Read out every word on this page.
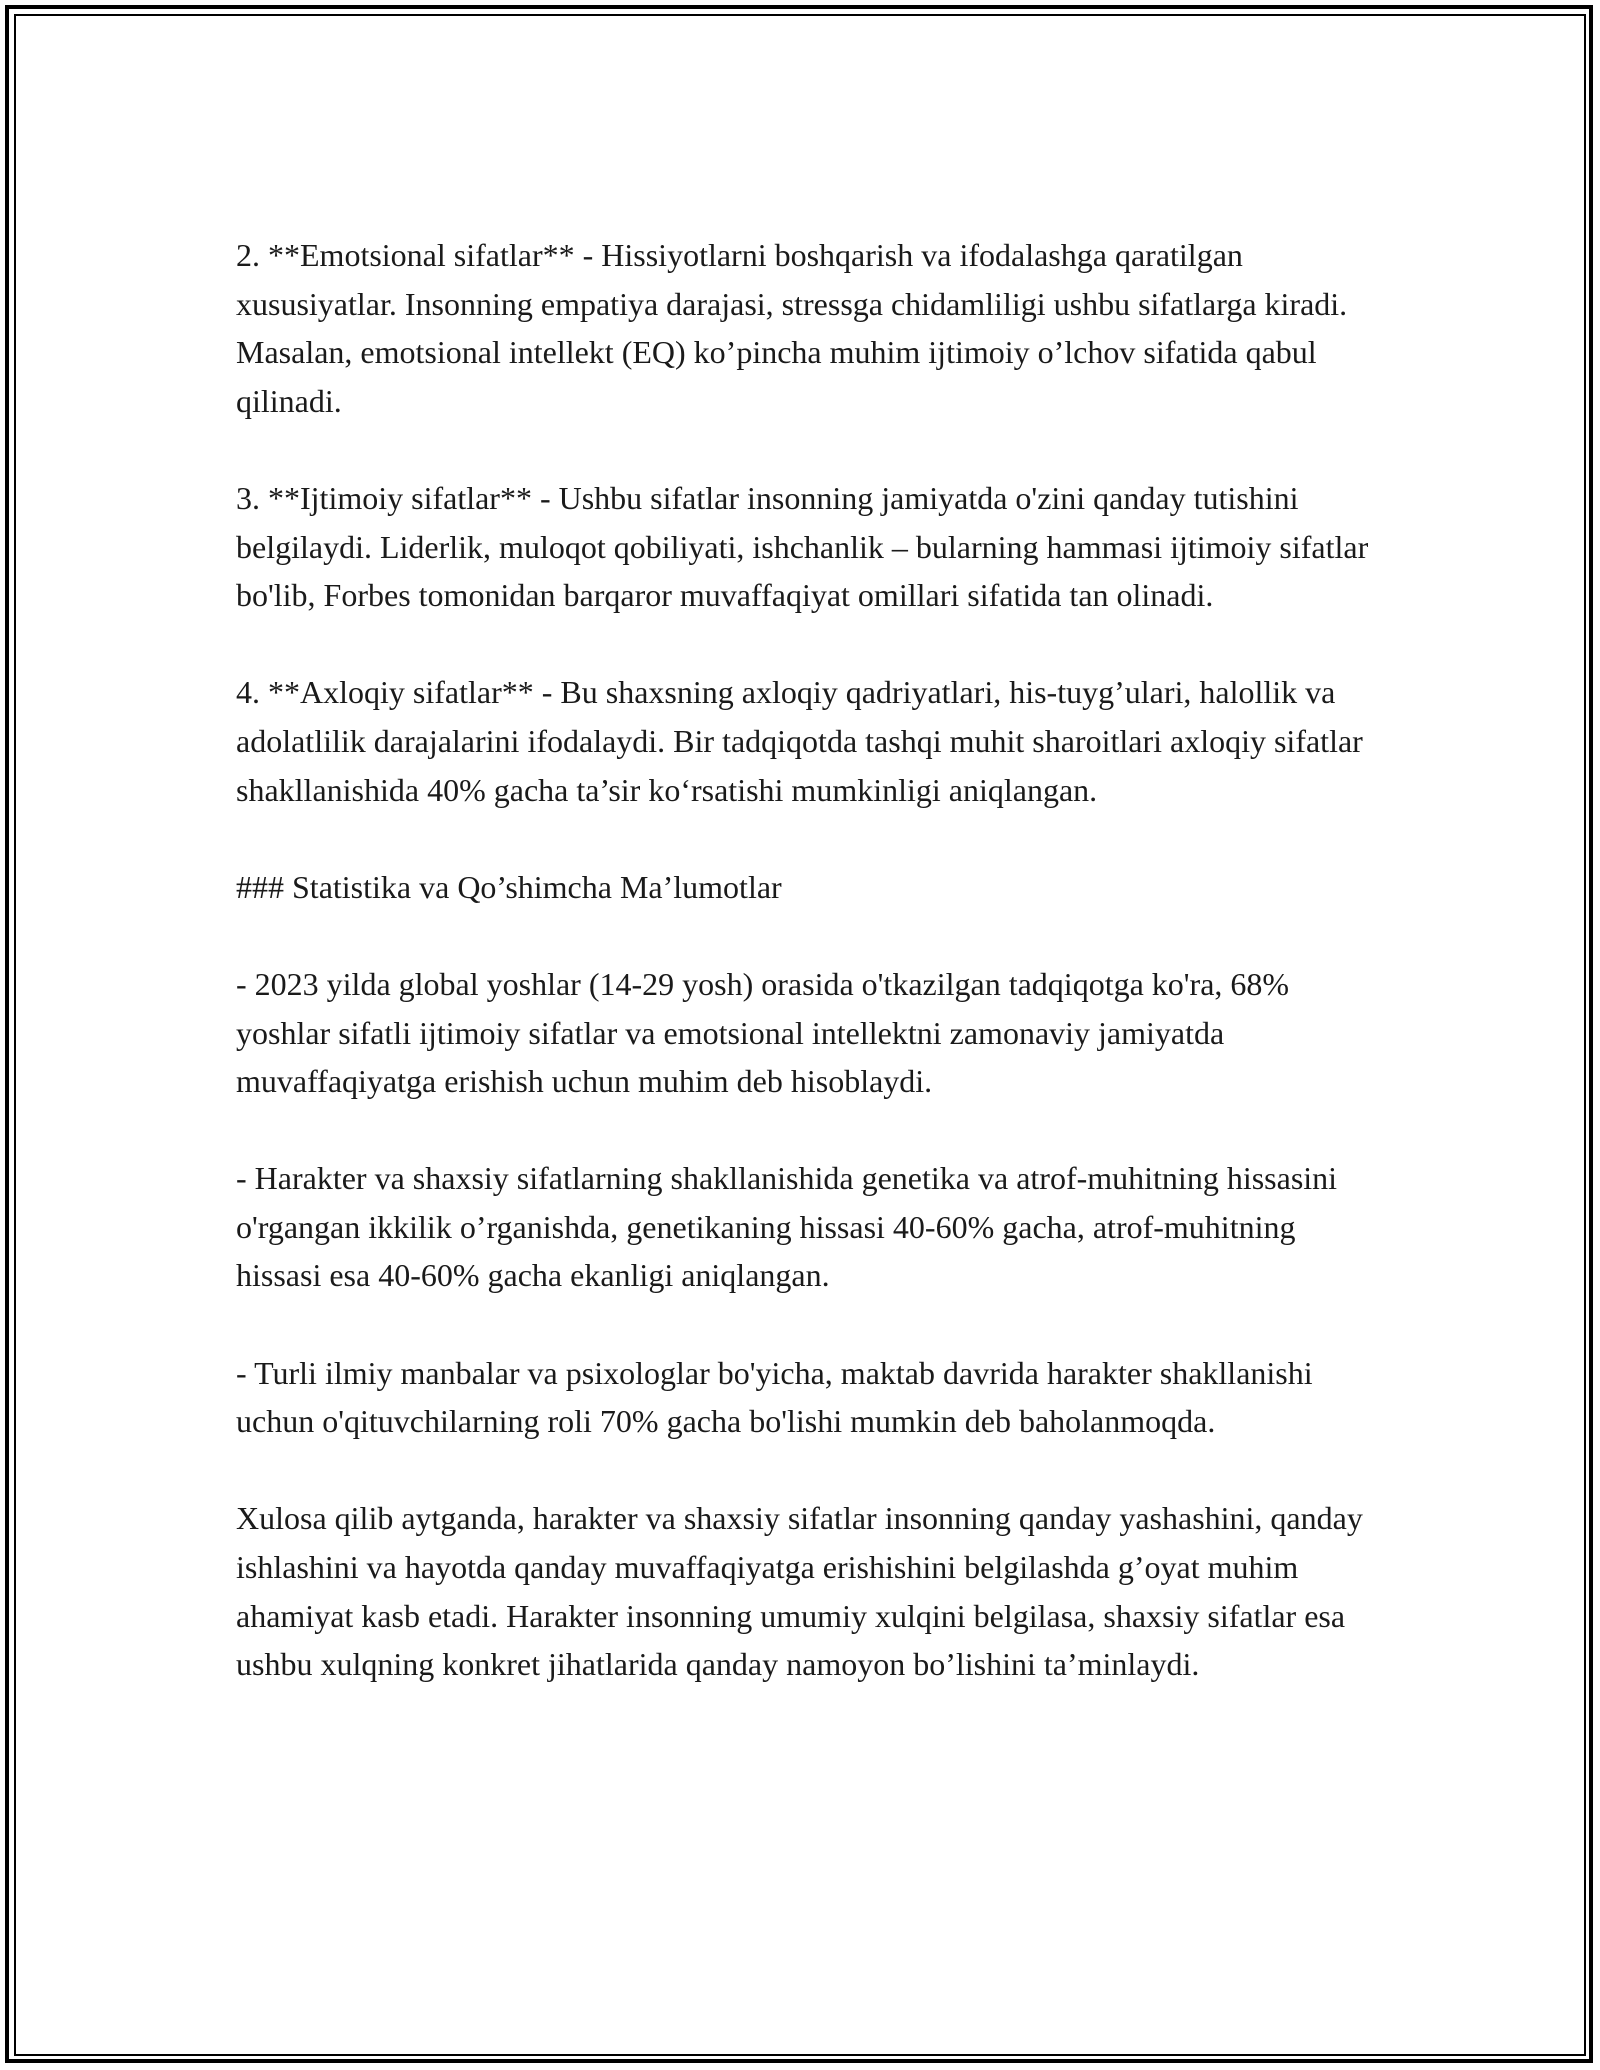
2. **Emotsional sifatlar** - Hissiyotlarni boshqarish va ifodalashga qaratilgan xususiyatlar. Insonning empatiya darajasi, stressga chidamliligi ushbu sifatlarga kiradi. Masalan, emotsional intellekt (EQ) ko’pincha muhim ijtimoiy o’lchov sifatida qabul qilinadi.

3. **Ijtimoiy sifatlar** - Ushbu sifatlar insonning jamiyatda o'zini qanday tutishini belgilaydi. Liderlik, muloqot qobiliyati, ishchanlik – bularning hammasi ijtimoiy sifatlar bo'lib, Forbes tomonidan barqaror muvaffaqiyat omillari sifatida tan olinadi.

4. **Axloqiy sifatlar** - Bu shaxsning axloqiy qadriyatlari, his-tuyg’ulari, halollik va adolatlilik darajalarini ifodalaydi. Bir tadqiqotda tashqi muhit sharoitlari axloqiy sifatlar shakllanishida 40% gacha ta’sir ko‘rsatishi mumkinligi aniqlangan.

### Statistika va Qo’shimcha Ma’lumotlar

- 2023 yilda global yoshlar (14-29 yosh) orasida o'tkazilgan tadqiqotga ko'ra, 68% yoshlar sifatli ijtimoiy sifatlar va emotsional intellektni zamonaviy jamiyatda muvaffaqiyatga erishish uchun muhim deb hisoblaydi.

- Harakter va shaxsiy sifatlarning shakllanishida genetika va atrof-muhitning hissasini o'rgangan ikkilik o’rganishda, genetikaning hissasi 40-60% gacha, atrof-muhitning hissasi esa 40-60% gacha ekanligi aniqlangan.

- Turli ilmiy manbalar va psixologlar bo'yicha, maktab davrida harakter shakllanishi uchun o'qituvchilarning roli 70% gacha bo'lishi mumkin deb baholanmoqda.

Xulosa qilib aytganda, harakter va shaxsiy sifatlar insonning qanday yashashini, qanday ishlashini va hayotda qanday muvaffaqiyatga erishishini belgilashda g’oyat muhim ahamiyat kasb etadi. Harakter insonning umumiy xulqini belgilasa, shaxsiy sifatlar esa ushbu xulqning konkret jihatlarida qanday namoyon bo’lishini ta’minlaydi.
